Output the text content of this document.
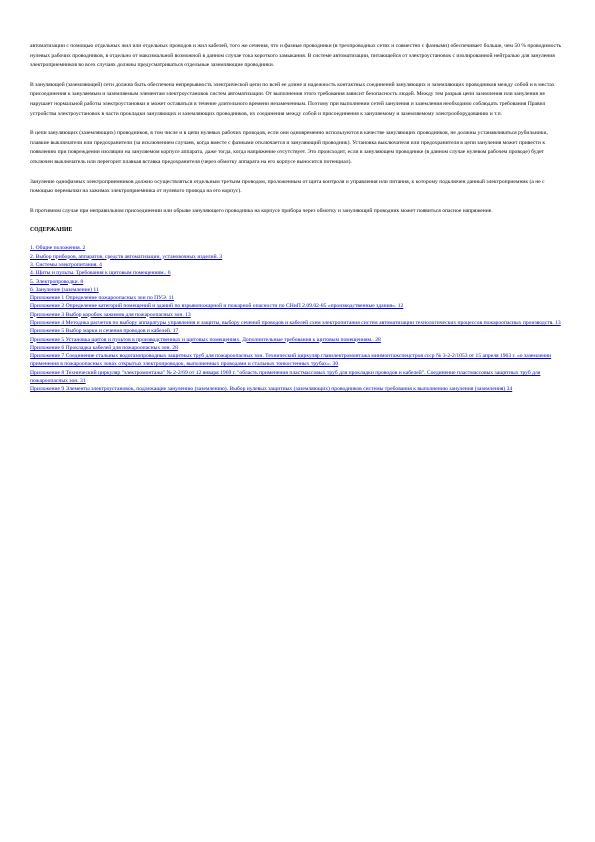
автоматизации с помощью отдельных жил или отдельных проводов и жил кабелей, того же сечения, что и фазные проводники (в трехпроводных сетях и совместно с фазными) обеспечивает больше, чем 50 % проводимость нулевых рабочих проводников, в отдельно от максимальной возможной в данном случае тока короткого замыкания. В системе автоматизации, питающейся от электроустановок с изолированной нейтралью для зануления электроприемников во всех случаях должны предусматриваться отдельные заземляющие проводники.

В зануляющей (заземляющей) сети должна быть обеспечена непрерывность электрической цепи по всей ее длине и надежность контактных соединений зануляющих и заземляющих проводников между собой и в местах присоединения к зануляемым и заземляемым элементам электроустановок систем автоматизации. От выполнения этого требования зависит безопасность людей. Между тем разрыв цепи заземления или зануления не нарушает нормальной работы электроустановки и может оставаться в течение длительного времени незамеченным. Поэтому при выполнении сетей зануления и заземления необходимо соблюдать требования Правил устройства электроустановок в части прокладки зануляющих и заземляющих проводников, их соединения между собой и присоединения к зануляемому и заземляемому электрооборудованию и т.п.

В цепи зануляющих (заземляющих) проводников, в том числе и в цепи нулевых рабочих проводов, если они одновременно используются в качестве зануляющих проводников, не должны устанавливаться рубильники, плавкие выключатели или предохранители (за исключением случаев, когда вместе с фазными отключается и зануляющий проводник). Установка выключателя или предохранителя в цепи зануления может привести к появлению при повреждении изоляции на зануляемом корпусе аппарата, даже тогда, когда напряжение отсутствует. Это происходит, если в зануляющем проводнике (в данном случае нулевом рабочем проводе) будет отключен выключатель или перегорит плавкая вставка предохранителя (через обмотку аппарата на его корпусе выносится потенциал).

Зануление однофазных электроприемников должно осуществляться отдельным третьим проводом, проложенным от щита контроля и управления или питания, к которому подключен данный электроприемник (а не с помощью перемычки на зажимах электроприемника от нулевого провода на его корпус).

В противном случае при неправильном присоединении или обрыве зануляющего проводника на корпусе прибора через обмотку и зануляющий проводник может появиться опасное напряжение.

СОДЕРЖАНИЕ
1. Общие положения. 2
2. Выбор приборов, аппаратов, средств автоматизации, установочных изделий. 3
3. Системы электропитания. 4
4. Щиты и пульты. Требования к щитовым помещениям.. 6
5. Электропроводки. 8
6. Зануление (заземление) 11
Приложение 1 Определение пожароопасных зон по ПУЭ. 11
Приложение 2 Определение категорий помещений и зданий по взрывопожарной и пожарной опасности по СНиП 2.09.02-85 «производственные здания». 12
Приложение 3 Выбор коробок зажимов для пожароопасных зон. 13
Приложение 4 Методика расчетов по выбору аппаратуры управления и защиты, выбору сечений проводов и кабелей схем электропитания систем автоматизации технологических процессов пожароопасных производств. 13
Приложение 5 Выбор марки и сечения проводов и кабелей. 17
Приложение 5 Установка щитов и пультов в производственных и щитовых помещениях. Дополнительные требования к щитовым помещениям.. 28
Приложение 6 Прокладка кабелей для пожароопасных зон. 28
Приложение 7 Соединение стальных водогазопроводных защитных труб для пожароопасных зон. Технический циркуляр главэлектромонтажа минмонтажспецстроя ссср № 3-2-2/1053 от 15 апреля 1963 г. «о заземлении применения в пожароопасных зонах открытых электропроводок, выполненных проводами и стальных тонкостенных трубах». 30
Приложение 8 Технический циркуляр "электромонтажа" № 2-2/69 от 12 января 1969 г. "область применения пластмассовых труб для прокладки проводов и кабелей". Соединение пластмассовых защитных труб для пожароопасных зон. 31
Приложение 9 Элементы электроустановок, подлежащие занулению (заземлению). Выбор нулевых защитных (заземляющих) проводников системы требования к выполнению зануления (заземления) 34
